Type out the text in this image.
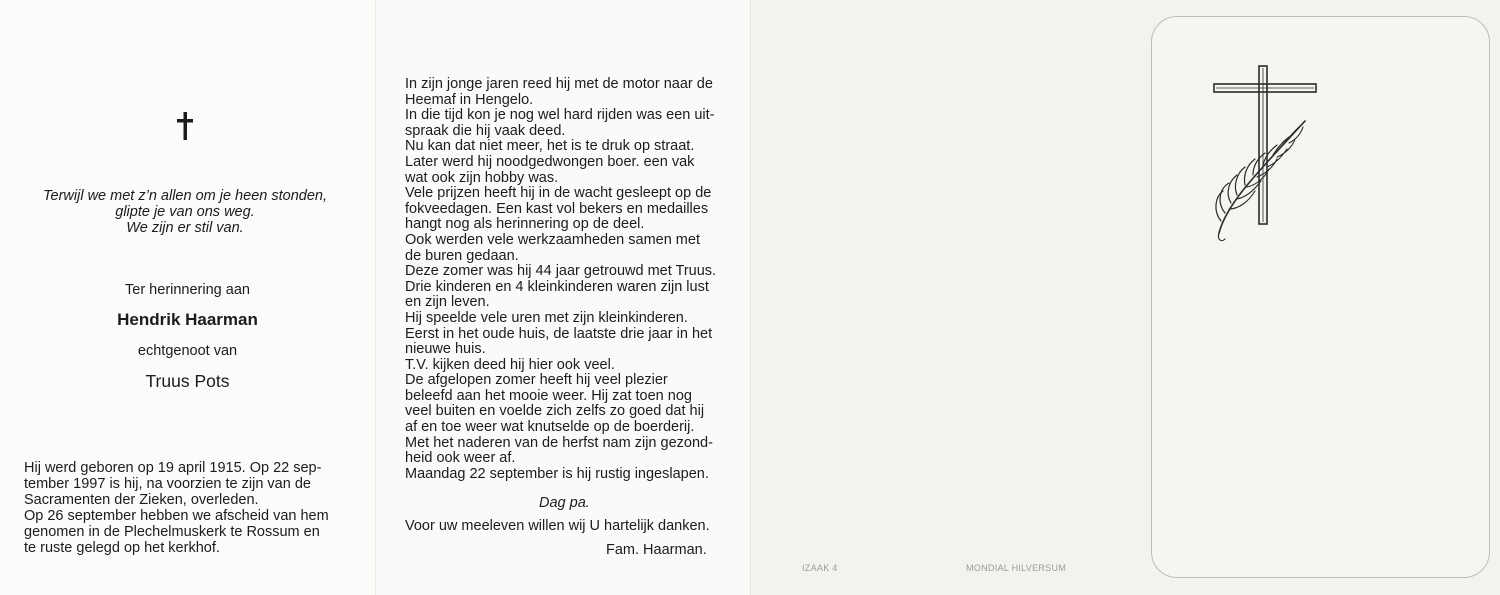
Terwijl we met z’n allen om je heen stonden,
glipte je van ons weg.
We zijn er stil van.
Ter herinnering aan
Hendrik Haarman
echtgenoot van
Truus Pots
Hij werd geboren op 19 april 1915. Op 22 sep-
tember 1997 is hij, na voorzien te zijn van de
Sacramenten der Zieken, overleden.
Op 26 september hebben we afscheid van hem
genomen in de Plechelmuskerk te Rossum en
te ruste gelegd op het kerkhof.
In zijn jonge jaren reed hij met de motor naar de
Heemaf in Hengelo.
In die tijd kon je nog wel hard rijden was een uit-
spraak die hij vaak deed.
Nu kan dat niet meer, het is te druk op straat.
Later werd hij noodgedwongen boer. een vak
wat ook zijn hobby was.
Vele prijzen heeft hij in de wacht gesleept op de
fokveedagen. Een kast vol bekers en medailles
hangt nog als herinnering op de deel.
Ook werden vele werkzaamheden samen met
de buren gedaan.
Deze zomer was hij 44 jaar getrouwd met Truus.
Drie kinderen en 4 kleinkinderen waren zijn lust
en zijn leven.
Hij speelde vele uren met zijn kleinkinderen.
Eerst in het oude huis, de laatste drie jaar in het
nieuwe huis.
T.V. kijken deed hij hier ook veel.
De afgelopen zomer heeft hij veel plezier
beleefd aan het mooie weer. Hij zat toen nog
veel buiten en voelde zich zelfs zo goed dat hij
af en toe weer wat knutselde op de boerderij.
Met het naderen van de herfst nam zijn gezond-
heid ook weer af.
Maandag 22 september is hij rustig ingeslapen.
Dag pa.
Voor uw meeleven willen wij U hartelijk danken.
Fam. Haarman.
IZAAK 4	MONDIAL HILVERSUM
